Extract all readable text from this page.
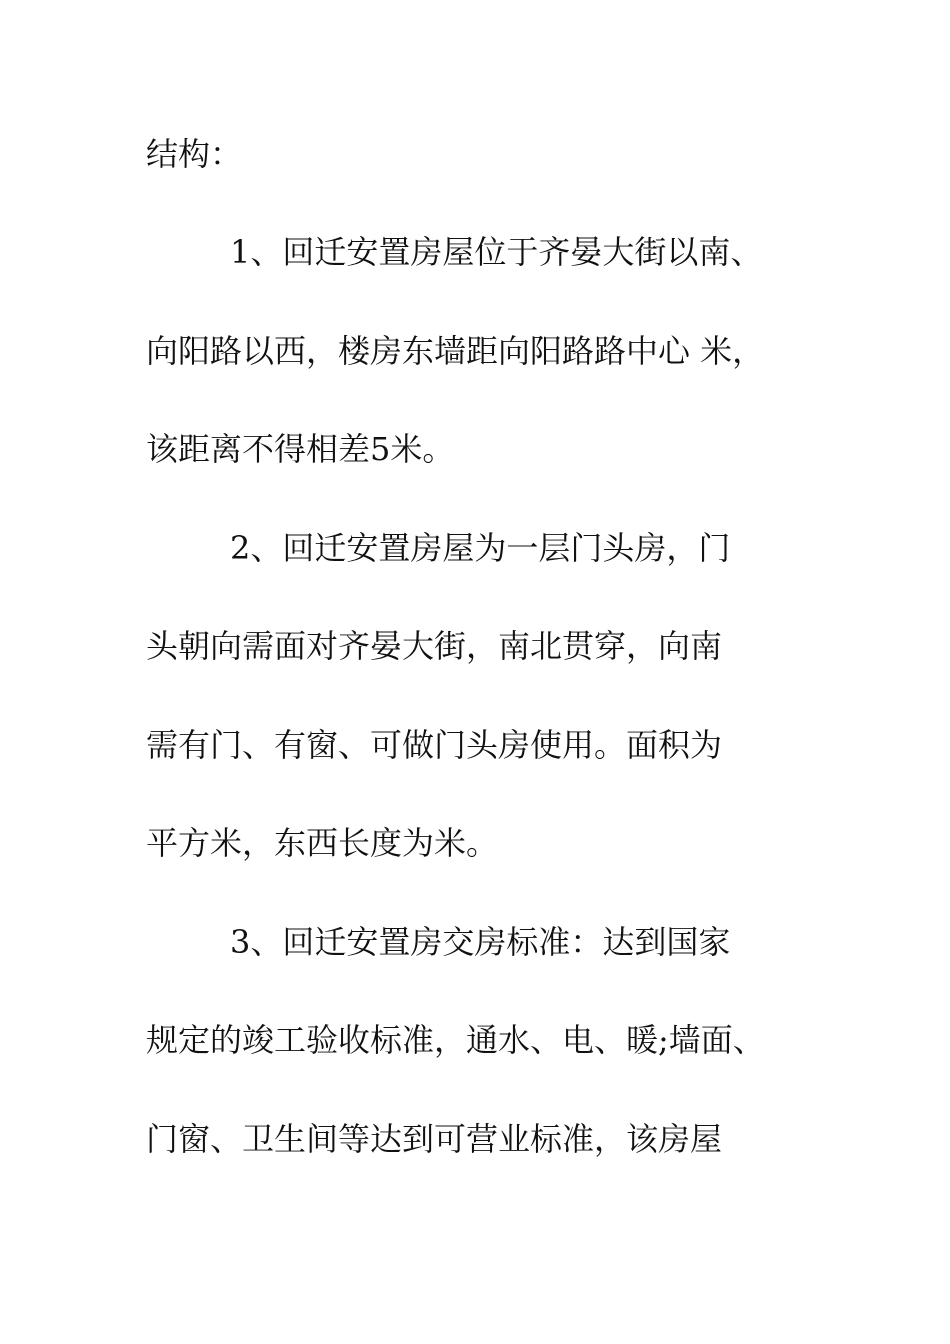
结构：
1、回迁安置房屋位于齐晏大街以南、
向阳路以西，楼房东墙距向阳路路中心 米，
该距离不得相差5米。
2、回迁安置房屋为一层门头房，门
头朝向需面对齐晏大街，南北贯穿，向南
需有门、有窗、可做门头房使用。面积为
平方米，东西长度为米。
3、回迁安置房交房标准：达到国家
规定的竣工验收标准，通水、电、暖;墙面、
门窗、卫生间等达到可营业标准，该房屋
